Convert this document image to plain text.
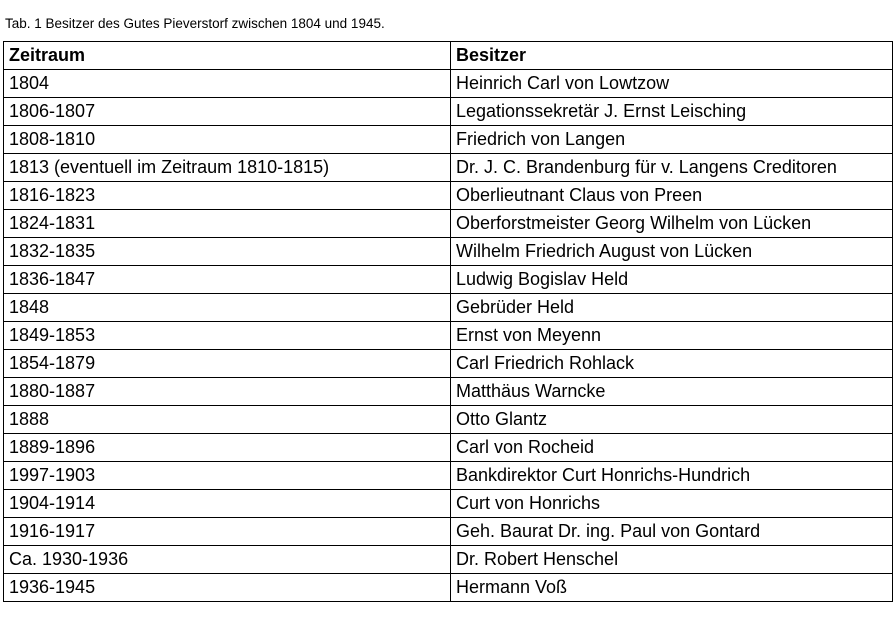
Tab. 1 Besitzer des Gutes Pieverstorf zwischen 1804 und 1945.
Zeitraum	Besitzer
1804	Heinrich Carl von Lowtzow
1806-1807	Legationssekretär J. Ernst Leisching
1808-1810	Friedrich von Langen
1813 (eventuell im Zeitraum 1810-1815)	Dr. J. C. Brandenburg für v. Langens Creditoren
1816-1823	Oberlieutnant Claus von Preen
1824-1831	Oberforstmeister Georg Wilhelm von Lücken
1832-1835	Wilhelm Friedrich August von Lücken
1836-1847	Ludwig Bogislav Held
1848	Gebrüder Held
1849-1853	Ernst von Meyenn
1854-1879	Carl Friedrich Rohlack
1880-1887	Matthäus Warncke
1888	Otto Glantz
1889-1896	Carl von Rocheid
1997-1903	Bankdirektor Curt Honrichs-Hundrich
1904-1914	Curt von Honrichs
1916-1917	Geh. Baurat Dr. ing. Paul von Gontard
Ca. 1930-1936	Dr. Robert Henschel
1936-1945	Hermann Voß
